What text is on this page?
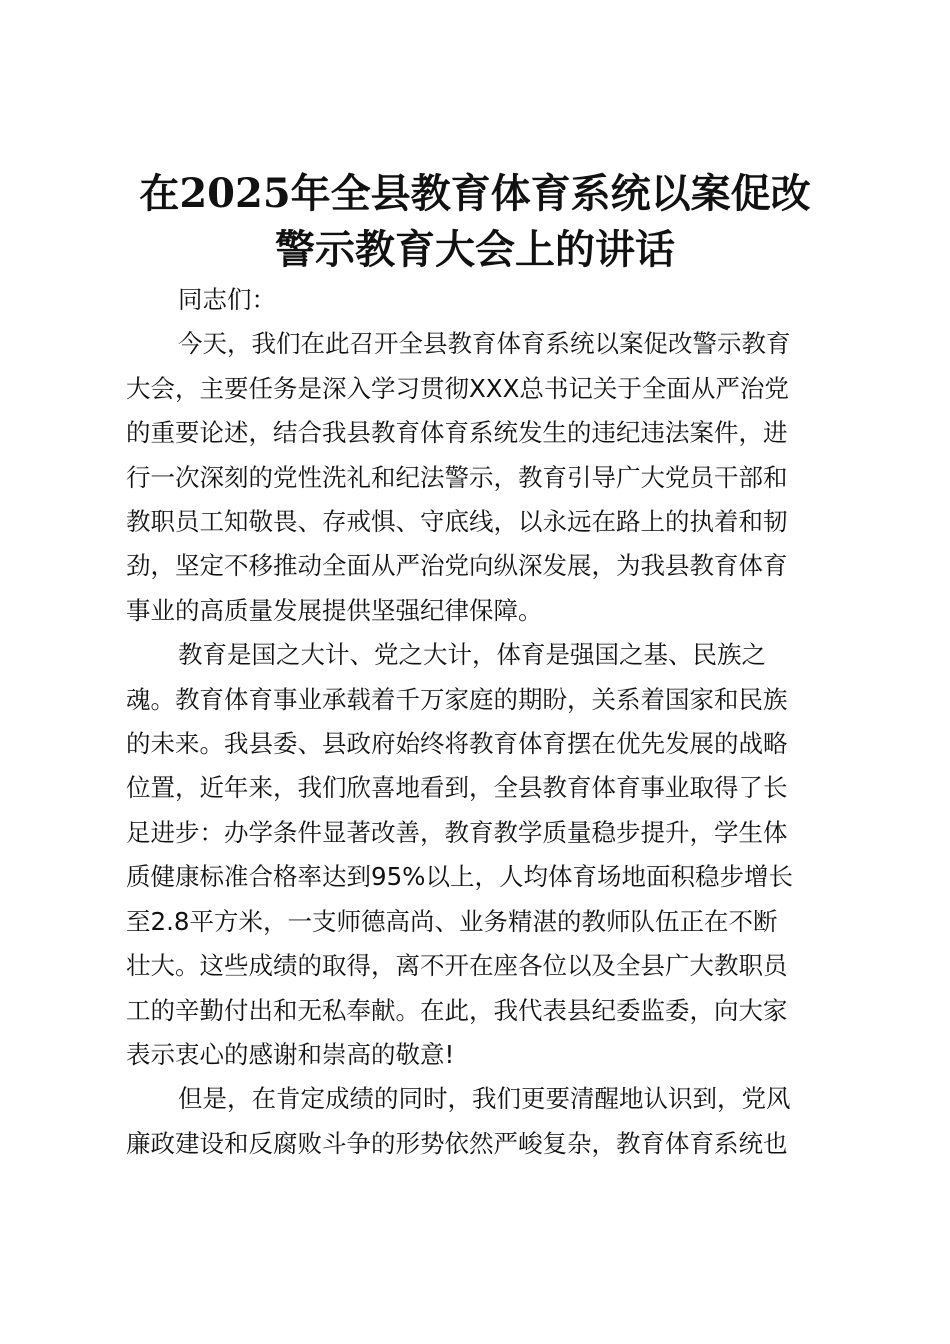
在2025年全县教育体育系统以案促改
警示教育大会上的讲话

同志们：

今天，我们在此召开全县教育体育系统以案促改警示教育
大会，主要任务是深入学习贯彻XXX总书记关于全面从严治党
的重要论述，结合我县教育体育系统发生的违纪违法案件，进
行一次深刻的党性洗礼和纪法警示，教育引导广大党员干部和
教职员工知敬畏、存戒惧、守底线，以永远在路上的执着和韧
劲，坚定不移推动全面从严治党向纵深发展，为我县教育体育
事业的高质量发展提供坚强纪律保障。

教育是国之大计、党之大计，体育是强国之基、民族之
魂。教育体育事业承载着千万家庭的期盼，关系着国家和民族
的未来。我县委、县政府始终将教育体育摆在优先发展的战略
位置，近年来，我们欣喜地看到，全县教育体育事业取得了长
足进步：办学条件显著改善，教育教学质量稳步提升，学生体
质健康标准合格率达到95%以上，人均体育场地面积稳步增长
至2.8平方米，一支师德高尚、业务精湛的教师队伍正在不断
壮大。这些成绩的取得，离不开在座各位以及全县广大教职员
工的辛勤付出和无私奉献。在此，我代表县纪委监委，向大家
表示衷心的感谢和崇高的敬意!

但是，在肯定成绩的同时，我们更要清醒地认识到，党风
廉政建设和反腐败斗争的形势依然严峻复杂，教育体育系统也
